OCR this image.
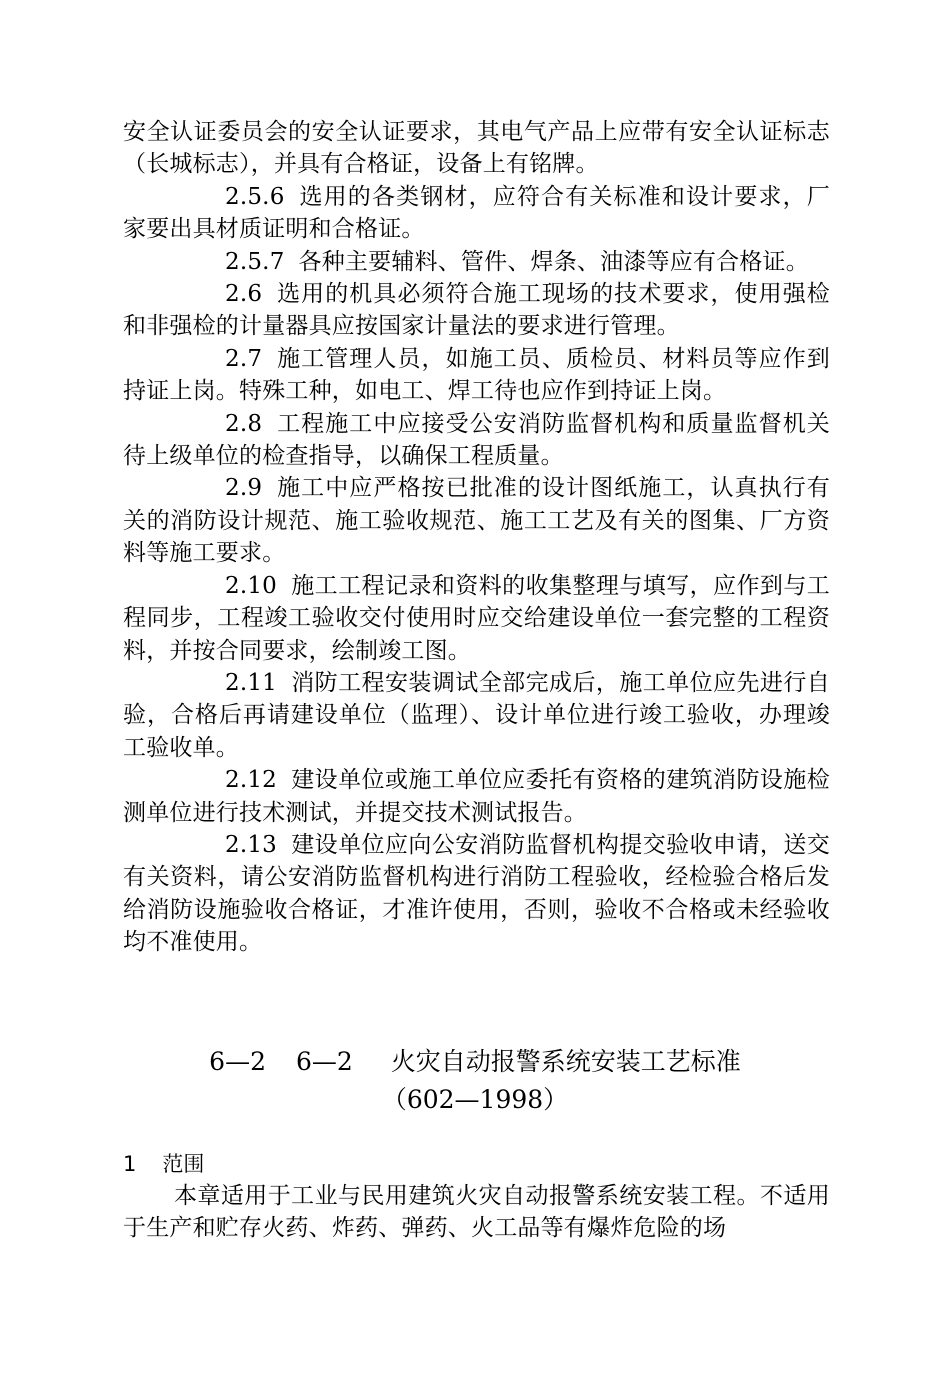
安全认证委员会的安全认证要求，其电气产品上应带有安全认证标志（长城标志），并具有合格证，设备上有铭牌。

2.5.6 选用的各类钢材，应符合有关标准和设计要求，厂家要出具材质证明和合格证。

2.5.7 各种主要辅料、管件、焊条、油漆等应有合格证。

2.6 选用的机具必须符合施工现场的技术要求，使用强检和非强检的计量器具应按国家计量法的要求进行管理。

2.7 施工管理人员，如施工员、质检员、材料员等应作到持证上岗。特殊工种，如电工、焊工待也应作到持证上岗。

2.8 工程施工中应接受公安消防监督机构和质量监督机关待上级单位的检查指导，以确保工程质量。

2.9 施工中应严格按已批准的设计图纸施工，认真执行有关的消防设计规范、施工验收规范、施工工艺及有关的图集、厂方资料等施工要求。

2.10 施工工程记录和资料的收集整理与填写，应作到与工程同步，工程竣工验收交付使用时应交给建设单位一套完整的工程资料，并按合同要求，绘制竣工图。

2.11 消防工程安装调试全部完成后，施工单位应先进行自验，合格后再请建设单位（监理）、设计单位进行竣工验收，办理竣工验收单。

2.12 建设单位或施工单位应委托有资格的建筑消防设施检测单位进行技术测试，并提交技术测试报告。

2.13 建设单位应向公安消防监督机构提交验收申请，送交有关资料，请公安消防监督机构进行消防工程验收，经检验合格后发给消防设施验收合格证，才准许使用，否则，验收不合格或未经验收均不准使用。

6—2 6—2 火灾自动报警系统安装工艺标准
（602—1998）
1 范围

本章适用于工业与民用建筑火灾自动报警系统安装工程。不适用于生产和贮存火药、炸药、弹药、火工品等有爆炸危险的场
